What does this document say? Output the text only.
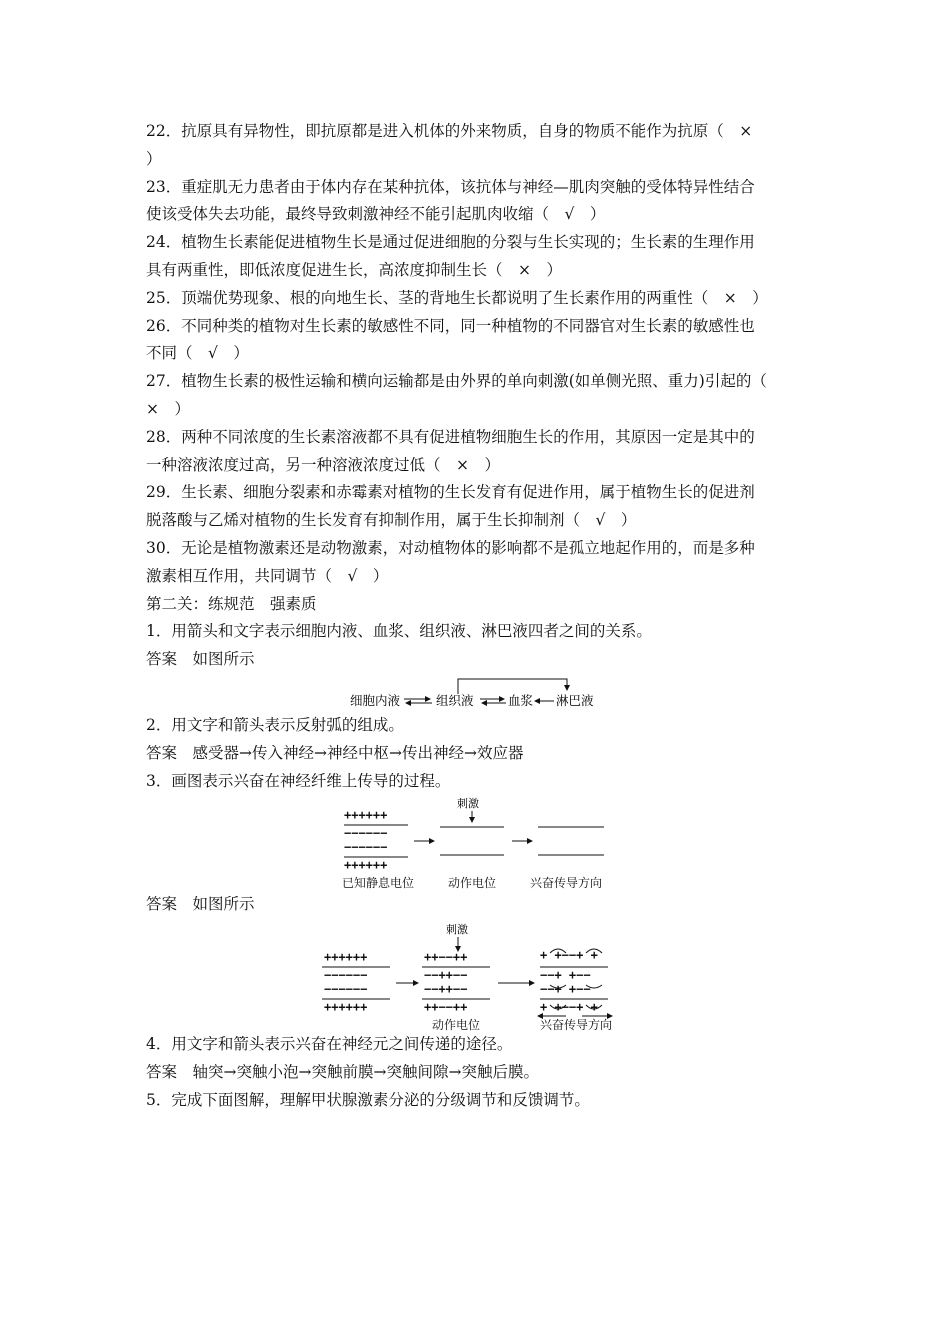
22．抗原具有异物性，即抗原都是进入机体的外来物质，自身的物质不能作为抗原（　×
）
23．重症肌无力患者由于体内存在某种抗体，该抗体与神经—肌肉突触的受体特异性结合
使该受体失去功能，最终导致刺激神经不能引起肌肉收缩（　√　）
24．植物生长素能促进植物生长是通过促进细胞的分裂与生长实现的；生长素的生理作用
具有两重性，即低浓度促进生长，高浓度抑制生长（　×　）
25．顶端优势现象、根的向地生长、茎的背地生长都说明了生长素作用的两重性（　×　）
26．不同种类的植物对生长素的敏感性不同，同一种植物的不同器官对生长素的敏感性也
不同（　√　）
27．植物生长素的极性运输和横向运输都是由外界的单向刺激(如单侧光照、重力)引起的（
×　）
28．两种不同浓度的生长素溶液都不具有促进植物细胞生长的作用，其原因一定是其中的
一种溶液浓度过高，另一种溶液浓度过低（　×　）
29．生长素、细胞分裂素和赤霉素对植物的生长发育有促进作用，属于植物生长的促进剂
脱落酸与乙烯对植物的生长发育有抑制作用，属于生长抑制剂（　√　）
30．无论是植物激素还是动物激素，对动植物体的影响都不是孤立地起作用的，而是多种
激素相互作用，共同调节（　√　）
第二关：练规范　强素质
1．用箭头和文字表示细胞内液、血浆、组织液、淋巴液四者之间的关系。
答案　如图所示
细胞内液	组织液	血浆 淋巴液
2．用文字和箭头表示反射弧的组成。
答案　感受器→传入神经→神经中枢→传出神经→效应器
3．画图表示兴奋在神经纤维上传导的过程。
++++++
−−−−−−
−−−−−−
++++++
刺激
已知静息电位	动作电位	兴奋传导方向
答案　如图所示
++++++
−−−−−−
−−−−−−
++++++
刺激
++−−++
−−++−−
−−++−−
++−−++
+ +−−+ +
−−+ +−−
−−+ +−−
+ +−−+ +
动作电位	兴奋传导方向
4．用文字和箭头表示兴奋在神经元之间传递的途径。
答案　轴突→突触小泡→突触前膜→突触间隙→突触后膜。
5．完成下面图解，理解甲状腺激素分泌的分级调节和反馈调节。
